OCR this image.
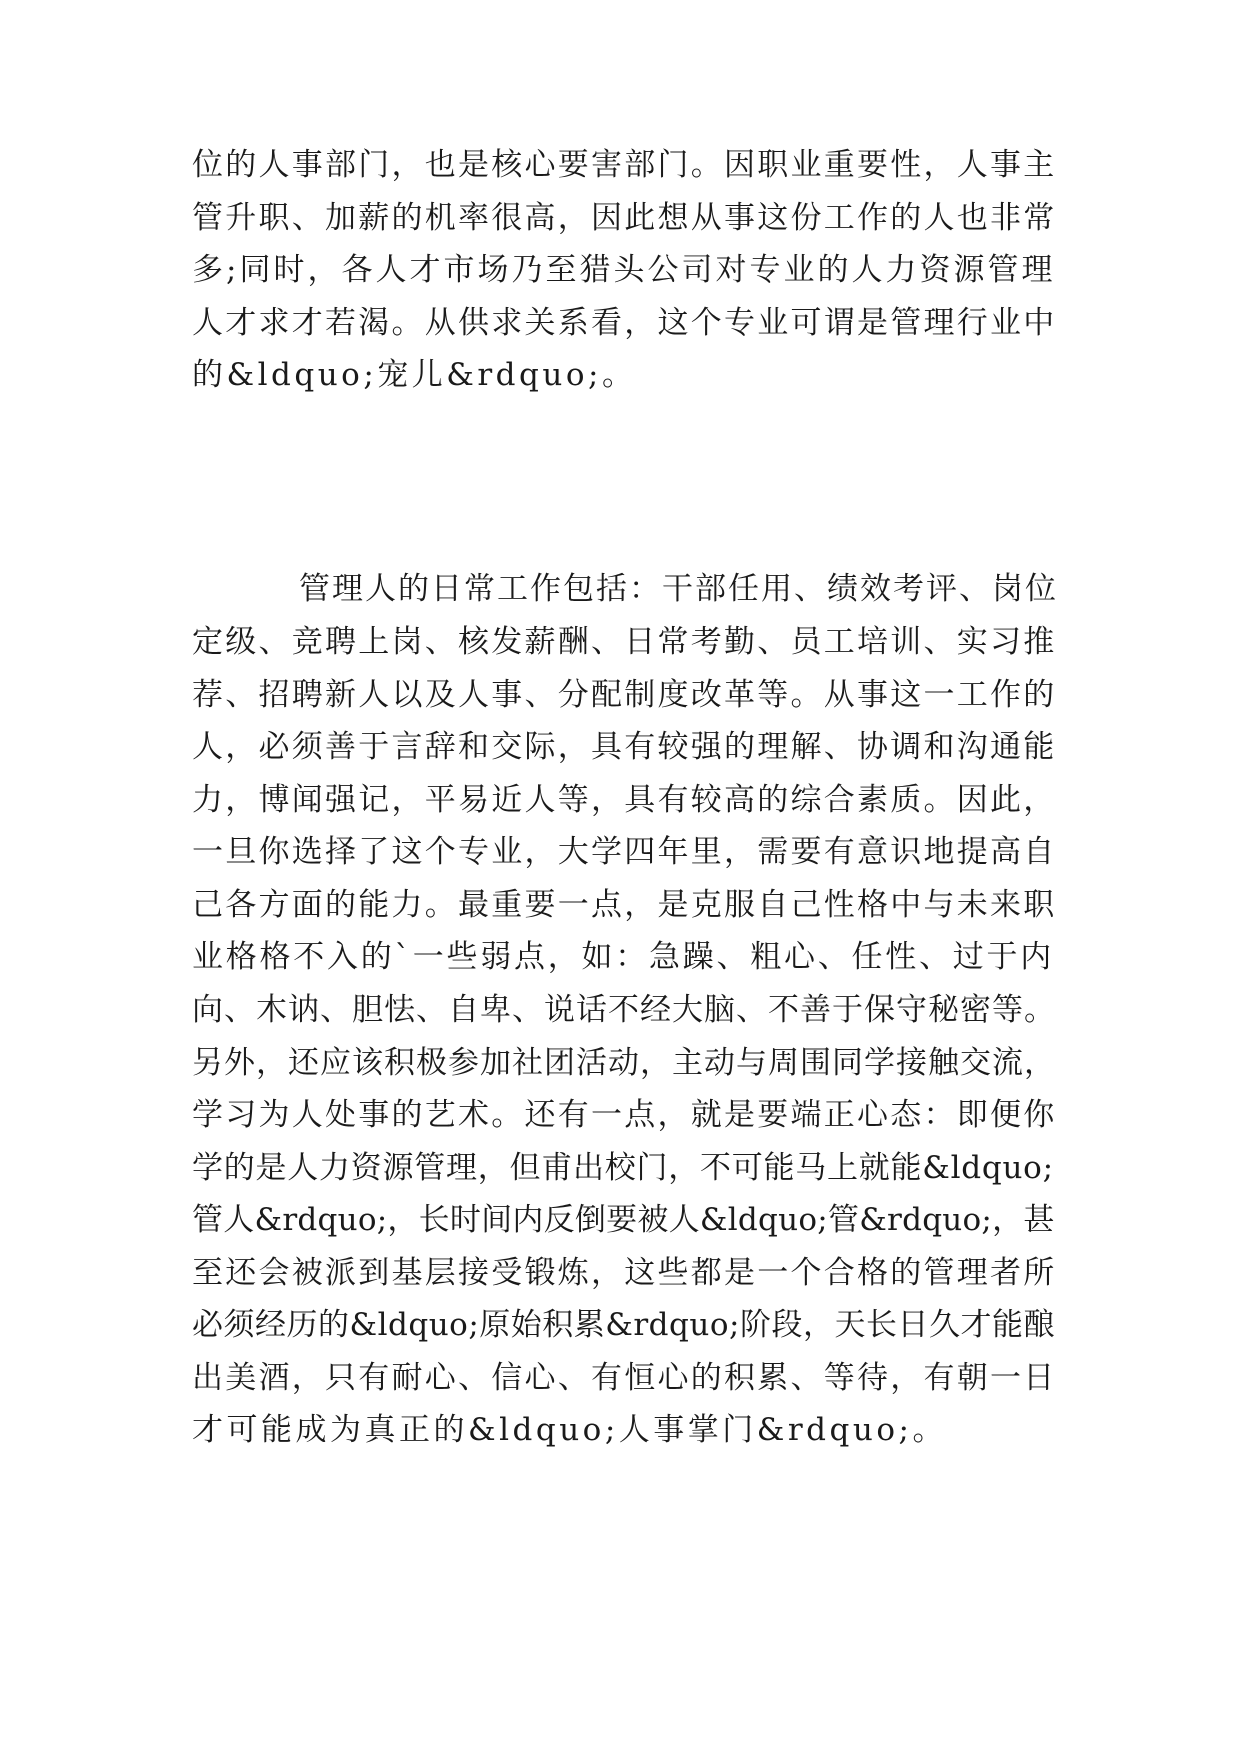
位的人事部门，也是核心要害部门。因职业重要性，人事主
管升职、加薪的机率很高，因此想从事这份工作的人也非常
多;同时，各人才市场乃至猎头公司对专业的人力资源管理
人才求才若渴。从供求关系看，这个专业可谓是管理行业中
的&ldquo;宠儿&rdquo;。
管理人的日常工作包括：干部任用、绩效考评、岗位
定级、竞聘上岗、核发薪酬、日常考勤、员工培训、实习推
荐、招聘新人以及人事、分配制度改革等。从事这一工作的
人，必须善于言辞和交际，具有较强的理解、协调和沟通能
力，博闻强记，平易近人等，具有较高的综合素质。因此，
一旦你选择了这个专业，大学四年里，需要有意识地提高自
己各方面的能力。最重要一点，是克服自己性格中与未来职
业格格不入的`一些弱点，如：急躁、粗心、任性、过于内
向、木讷、胆怯、自卑、说话不经大脑、不善于保守秘密等。
另外，还应该积极参加社团活动，主动与周围同学接触交流，
学习为人处事的艺术。还有一点，就是要端正心态：即便你
学的是人力资源管理，但甫出校门，不可能马上就能&ldquo;
管人&rdquo;，长时间内反倒要被人&ldquo;管&rdquo;，甚
至还会被派到基层接受锻炼，这些都是一个合格的管理者所
必须经历的&ldquo;原始积累&rdquo;阶段，天长日久才能酿
出美酒，只有耐心、信心、有恒心的积累、等待，有朝一日
才可能成为真正的&ldquo;人事掌门&rdquo;。
